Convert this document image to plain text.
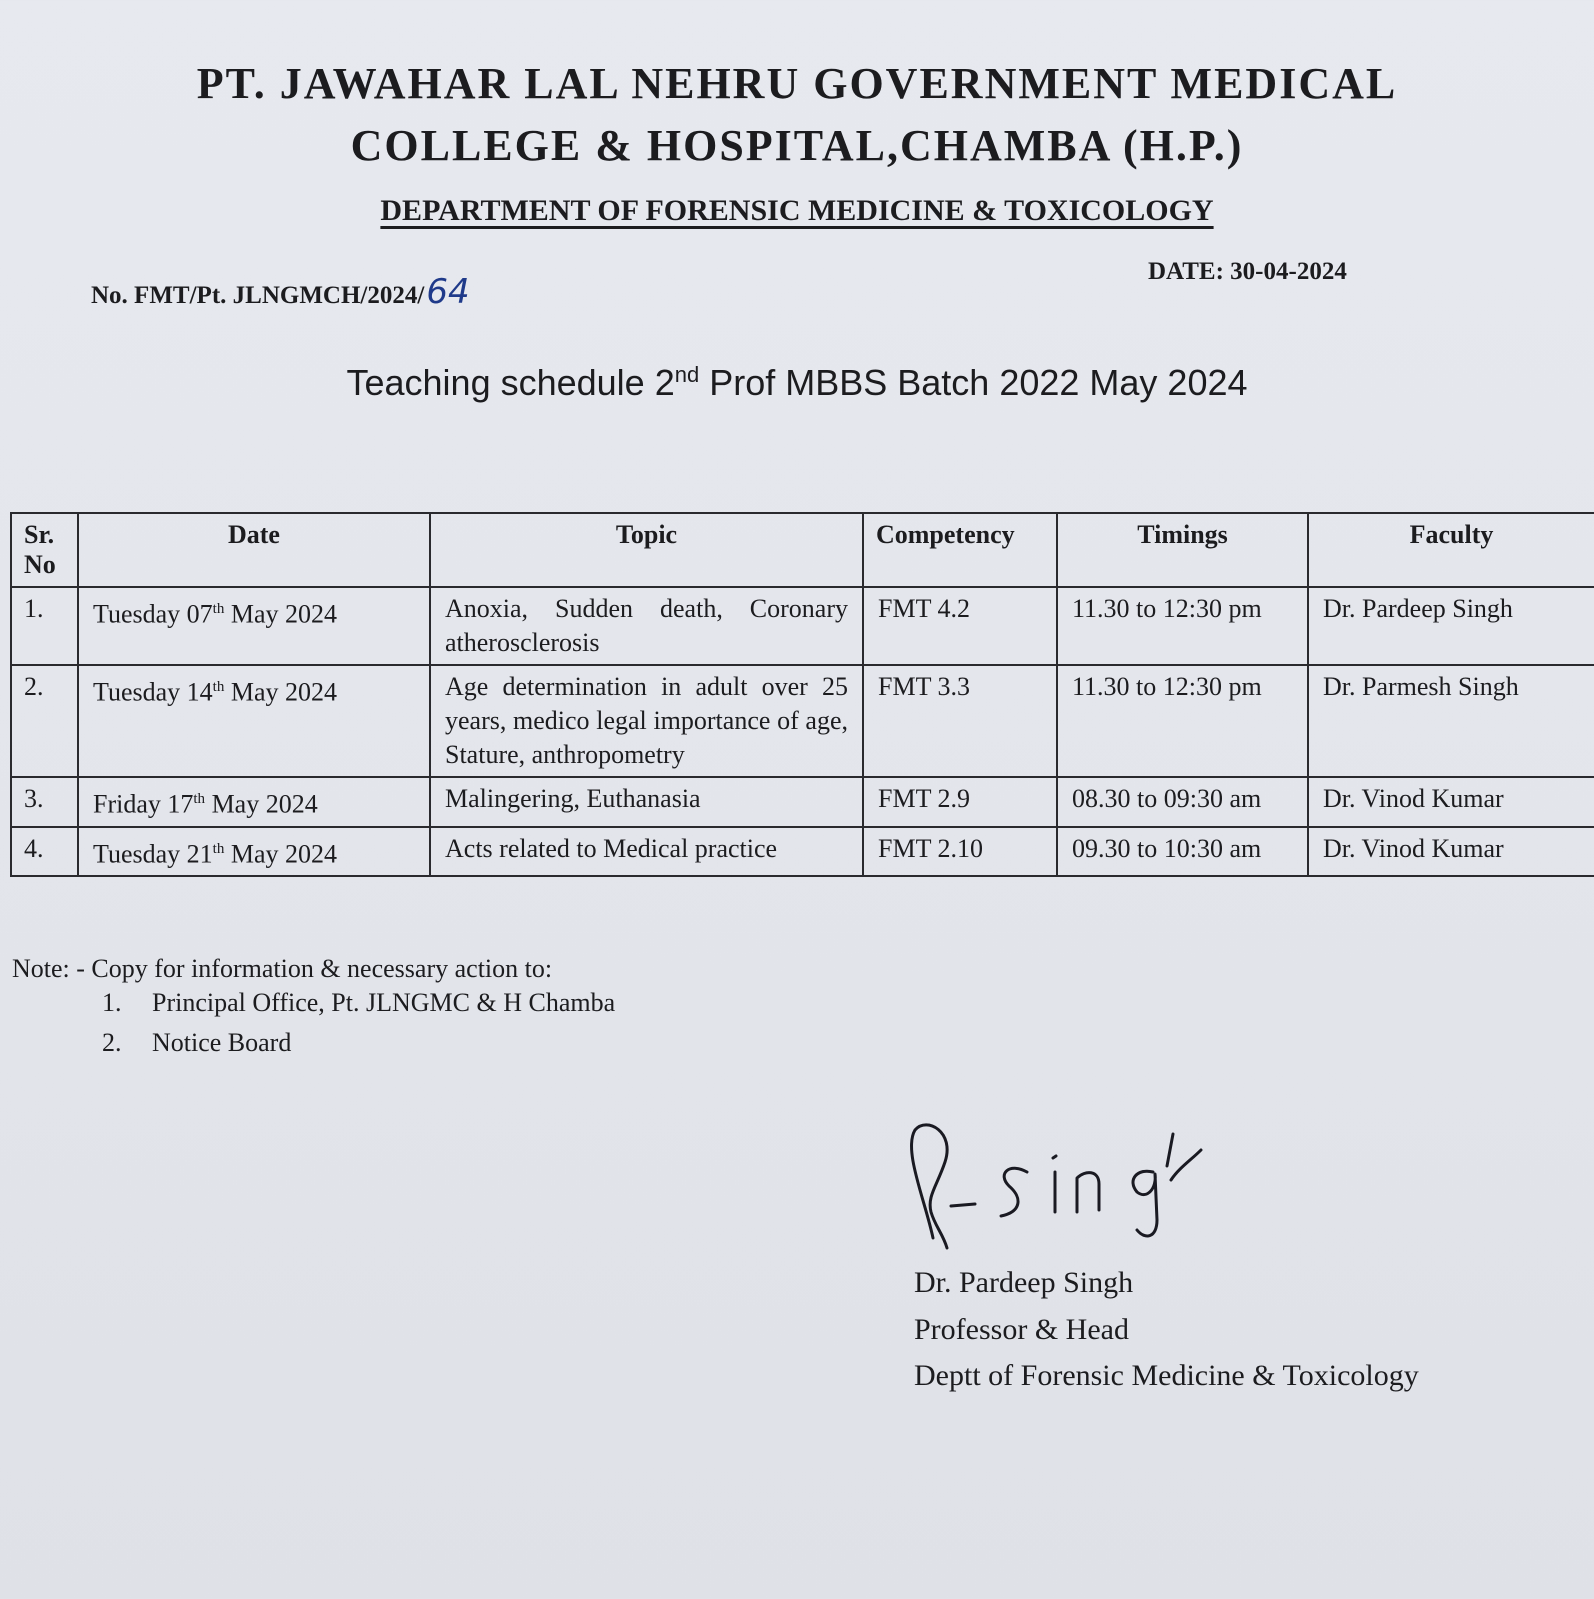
PT. JAWAHAR LAL NEHRU GOVERNMENT MEDICAL
COLLEGE & HOSPITAL,CHAMBA (H.P.)
DEPARTMENT OF FORENSIC MEDICINE & TOXICOLOGY
No. FMT/Pt. JLNGMCH/2024/64
DATE: 30-04-2024
Teaching schedule 2nd Prof MBBS Batch 2022 May 2024
Sr. No	Date	Topic	Competency	Timings	Faculty
1.	Tuesday 07th May 2024	Anoxia, Sudden death, Coronary atherosclerosis	FMT 4.2	11.30 to 12:30 pm	Dr. Pardeep Singh
2.	Tuesday 14th May 2024	Age determination in adult over 25 years, medico legal importance of age, Stature, anthropometry	FMT 3.3	11.30 to 12:30 pm	Dr. Parmesh Singh
3.	Friday 17th May 2024	Malingering, Euthanasia	FMT 2.9	08.30 to 09:30 am	Dr. Vinod Kumar
4.	Tuesday 21th May 2024	Acts related to Medical practice	FMT 2.10	09.30 to 10:30 am	Dr. Vinod Kumar
Note: - Copy for information & necessary action to:
1. Principal Office, Pt. JLNGMC & H Chamba
2. Notice Board
Dr. Pardeep Singh
Professor & Head
Deptt of Forensic Medicine & Toxicology
